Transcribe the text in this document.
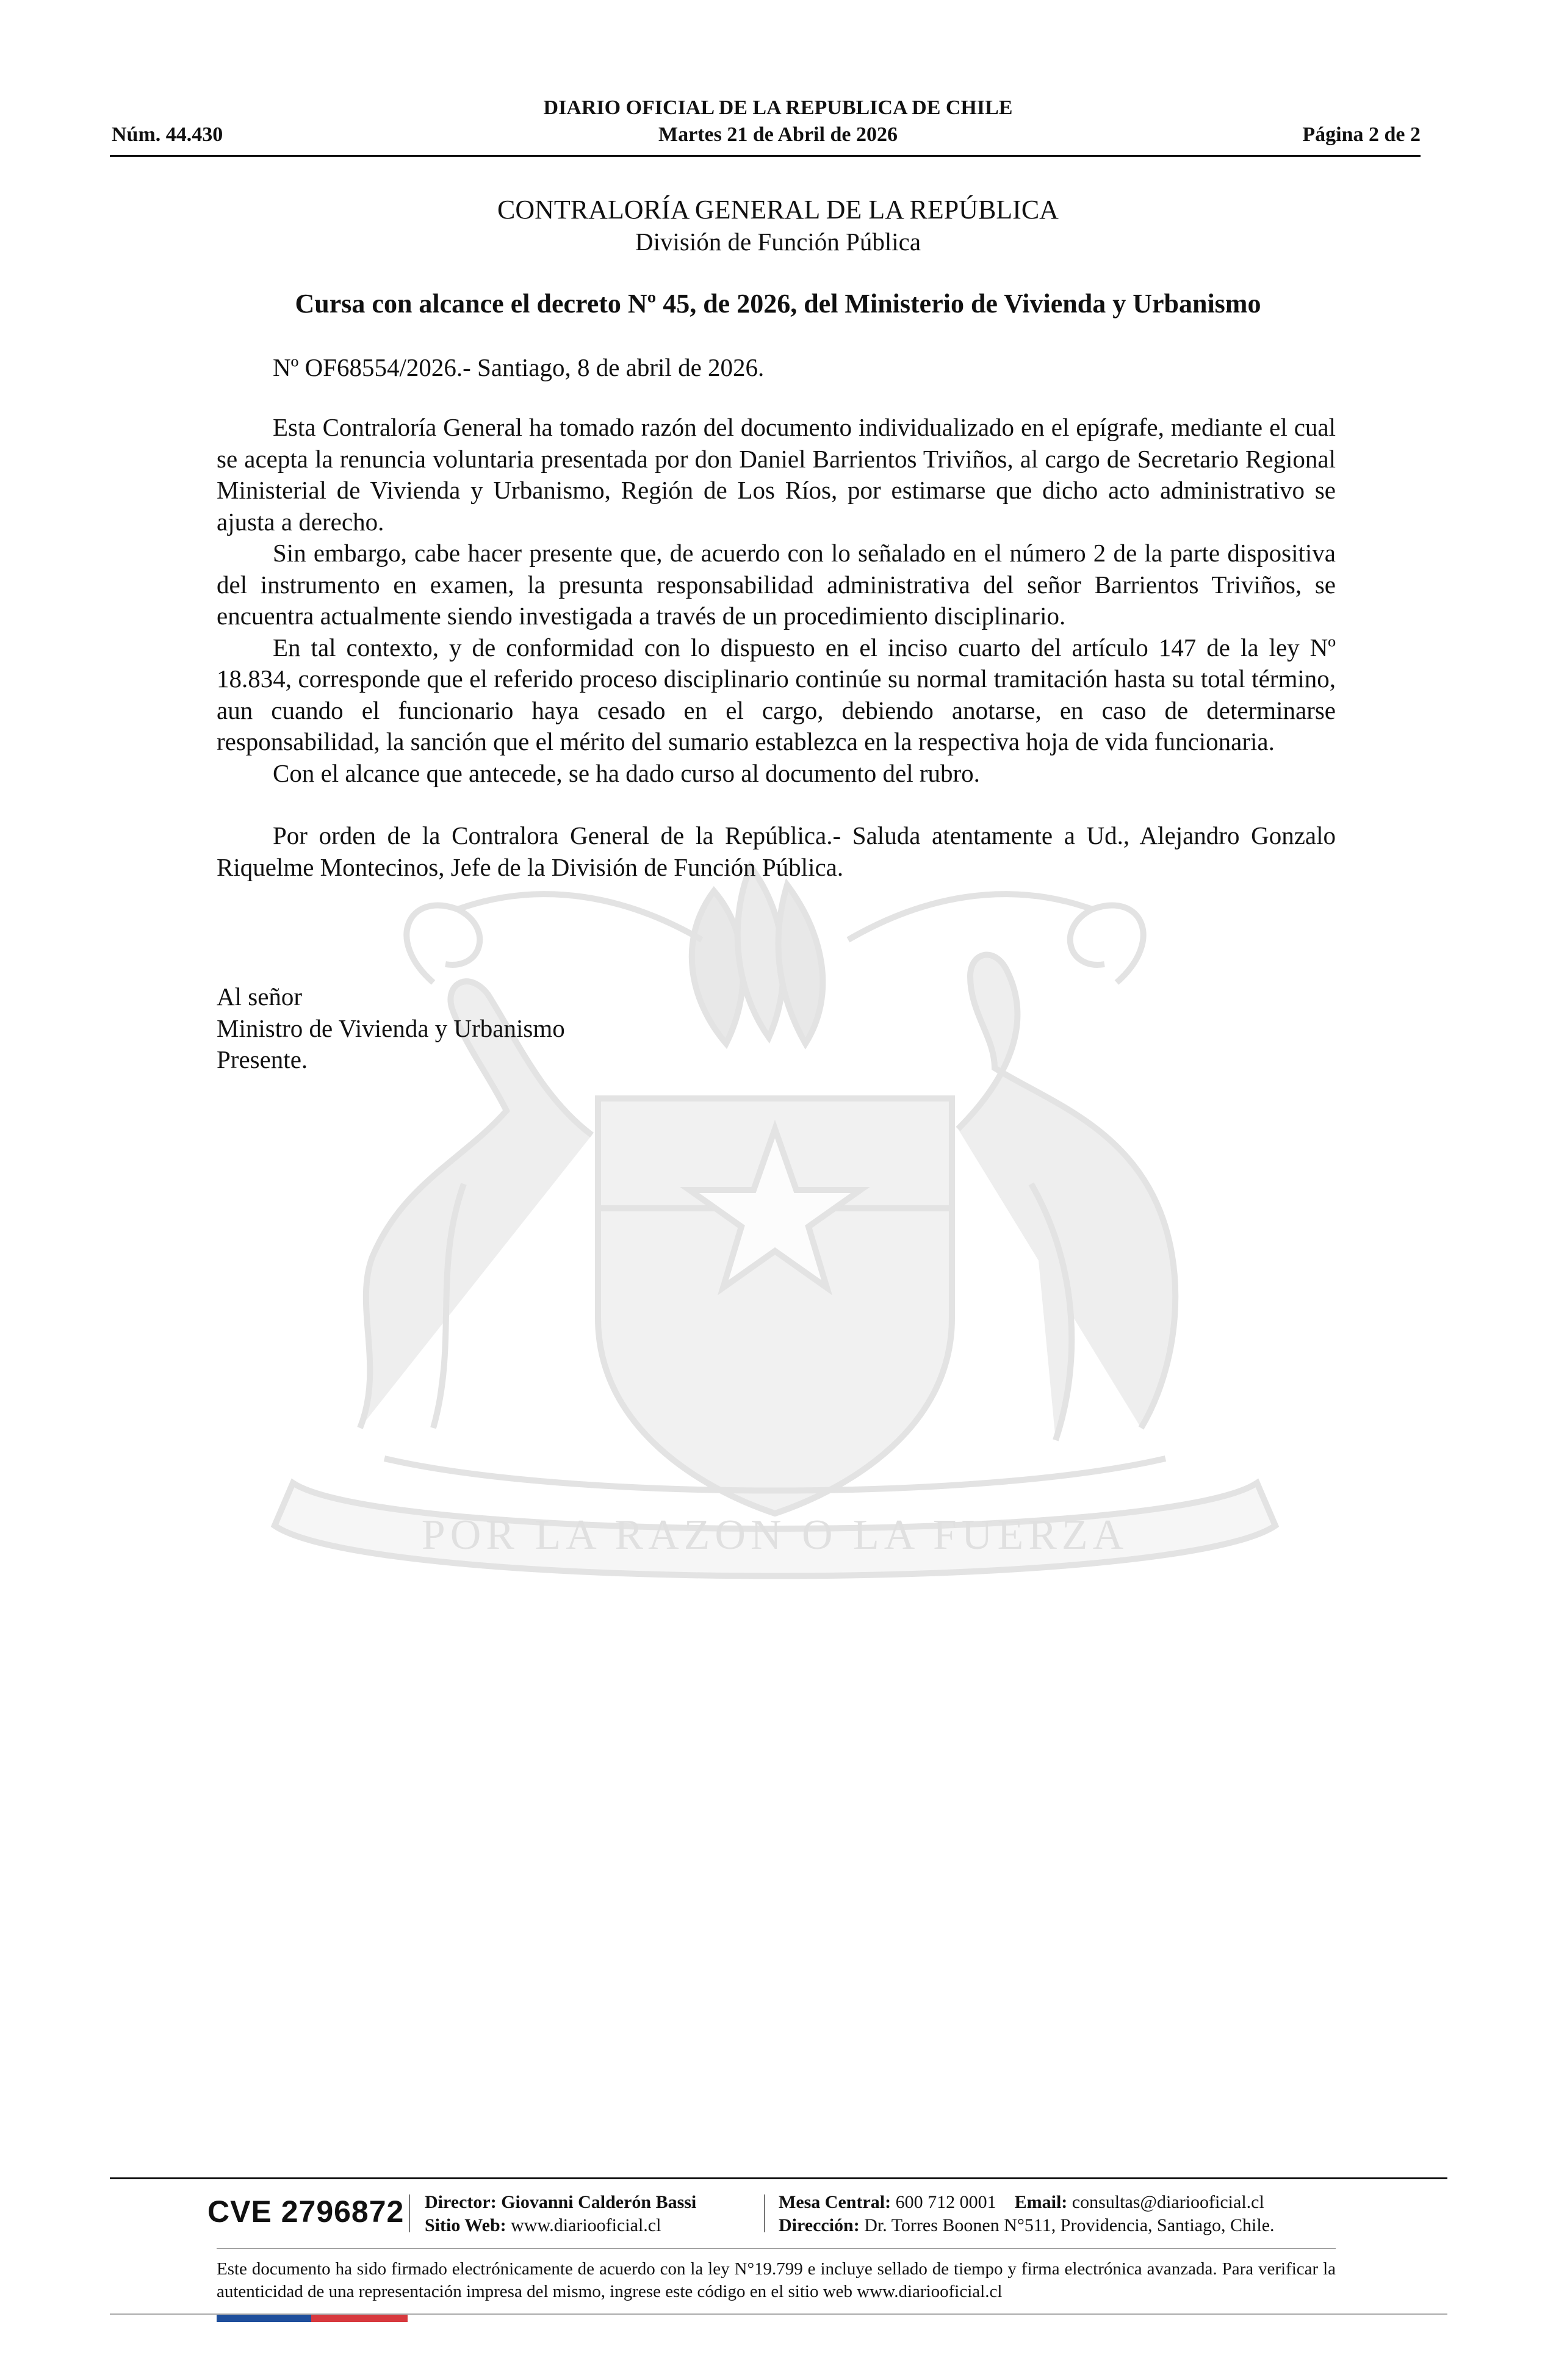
POR LA RAZON O LA FUERZA
DIARIO OFICIAL DE LA REPUBLICA DE CHILE
Núm. 44.430	Martes 21 de Abril de 2026	Página 2 de 2
CONTRALORÍA GENERAL DE LA REPÚBLICA
División de Función Pública
Cursa con alcance el decreto Nº 45, de 2026, del Ministerio de Vivienda y Urbanismo
Nº OF68554/2026.- Santiago, 8 de abril de 2026.

Esta Contraloría General ha tomado razón del documento individualizado en el epígrafe, mediante el cual se acepta la renuncia voluntaria presentada por don Daniel Barrientos Triviños, al cargo de Secretario Regional Ministerial de Vivienda y Urbanismo, Región de Los Ríos, por estimarse que dicho acto administrativo se ajusta a derecho.

Sin embargo, cabe hacer presente que, de acuerdo con lo señalado en el número 2 de la parte dispositiva del instrumento en examen, la presunta responsabilidad administrativa del señor Barrientos Triviños, se encuentra actualmente siendo investigada a través de un procedimiento disciplinario.

En tal contexto, y de conformidad con lo dispuesto en el inciso cuarto del artículo 147 de la ley Nº 18.834, corresponde que el referido proceso disciplinario continúe su normal tramitación hasta su total término, aun cuando el funcionario haya cesado en el cargo, debiendo anotarse, en caso de determinarse responsabilidad, la sanción que el mérito del sumario establezca en la respectiva hoja de vida funcionaria.

Con el alcance que antecede, se ha dado curso al documento del rubro.

Por orden de la Contralora General de la República.- Saluda atentamente a Ud., Alejandro Gonzalo Riquelme Montecinos, Jefe de la División de Función Pública.

Al señor
Ministro de Vivienda y Urbanismo
Presente.
CVE 2796872 Director: Giovanni Calderón Bassi
Sitio Web: www.diariooficial.cl
Mesa Central: 600 712 0001 Email: consultas@diariooficial.cl
Dirección: Dr. Torres Boonen N°511, Providencia, Santiago, Chile.
Este documento ha sido firmado electrónicamente de acuerdo con la ley N°19.799 e incluye sellado de tiempo y firma electrónica avanzada. Para verificar la autenticidad de una representación impresa del mismo, ingrese este código en el sitio web www.diariooficial.cl
